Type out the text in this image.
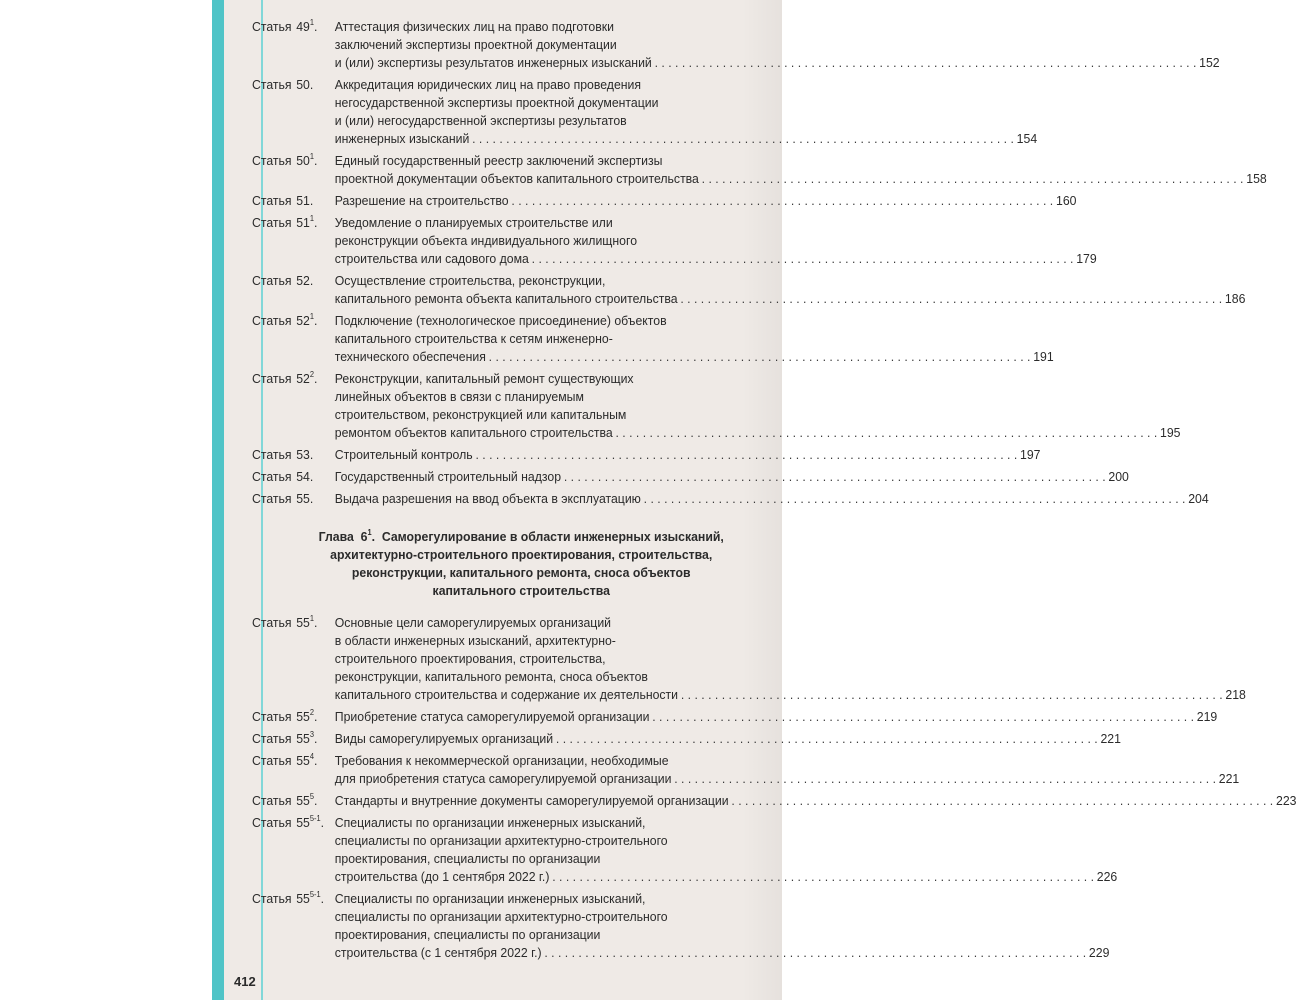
Статья $49^1$.	Аттестация физических лиц на право подготовки
заключений экспертизы проектной документации
и (или) экспертизы результатов инженерных изысканий . . .	152
Статья 50.	Аккредитация юридических лиц на право проведения
негосударственной экспертизы проектной документации
и (или) негосударственной экспертизы результатов
инженерных изысканий . . .	154
Статья $50^1$.	Единый государственный реестр заключений экспертизы
проектной документации объектов капитального строительства . . .	158
Статья 51.	Разрешение на строительство . . .	160
Статья $51^1$.	Уведомление о планируемых строительстве или
реконструкции объекта индивидуального жилищного
строительства или садового дома . . .	179
Статья 52.	Осуществление строительства, реконструкции,
капитального ремонта объекта капитального строительства . . .	186
Статья $52^1$.	Подключение (технологическое присоединение) объектов
капитального строительства к сетям инженерно-
технического обеспечения . . .	191
Статья $52^2$.	Реконструкции, капитальный ремонт существующих
линейных объектов в связи с планируемым
строительством, реконструкцией или капитальным
ремонтом объектов капитального строительства . . .	195
Статья 53.	Строительный контроль . . .	197
Статья 54.	Государственный строительный надзор . . .	200
Статья 55.	Выдача разрешения на ввод объекта в эксплуатацию . . .	204
Глава $6^1$.  Саморегулирование в области инженерных изысканий,
архитектурно-строительного проектирования, строительства,
реконструкции, капитального ремонта, сноса объектов
капитального строительства
Статья $55^1$.	Основные цели саморегулируемых организаций
в области инженерных изысканий, архитектурно-
строительного проектирования, строительства,
реконструкции, капитального ремонта, сноса объектов
капитального строительства и содержание их деятельности . . .	218
Статья $55^2$.	Приобретение статуса саморегулируемой организации . . .	219
Статья $55^3$.	Виды саморегулируемых организаций . . .	221
Статья $55^4$.	Требования к некоммерческой организации, необходимые
для приобретения статуса саморегулируемой организации . . .	221
Статья $55^5$.	Стандарты и внутренние документы саморегулируемой организации . . .	223
Статья 55$^{5-1}$. Специалисты по организации инженерных изысканий,
специалисты по организации архитектурно-строительного
проектирования, специалисты по организации
строительства (до 1 сентября 2022 г.) . . .	226
Статья 55$^{5-1}$. Специалисты по организации инженерных изысканий,
специалисты по организации архитектурно-строительного
проектирования, специалисты по организации
строительства (с 1 сентября 2022 г.) . . .	229
412
